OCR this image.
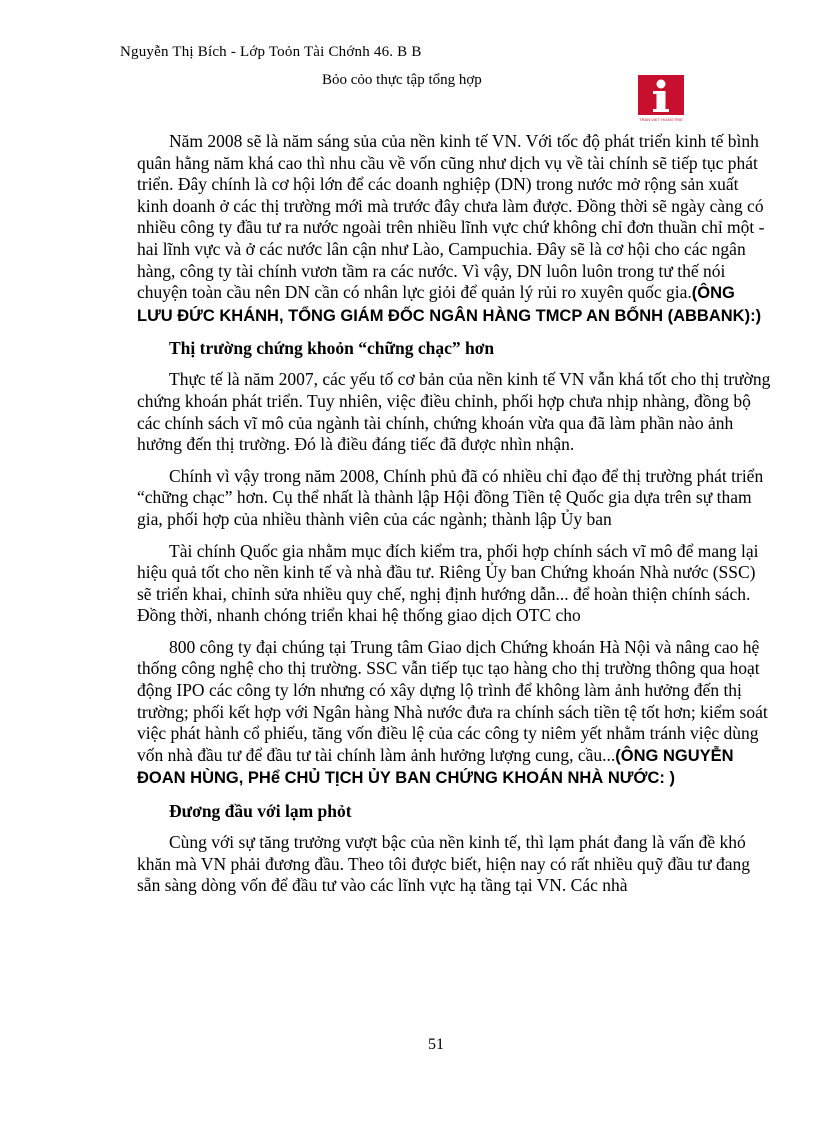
Nguyễn Thị Bích - Lớp Toỏn Tài Chớnh 46. B B
Bỏo cỏo thực tập tổng hợp
TRAN VIET HOAN TRIE

Năm 2008 sẽ là năm sáng sủa của nền kinh tế VN. Với tốc độ phát triển kinh tế bình quân hằng năm khá cao thì nhu cầu về vốn cũng như dịch vụ về tài chính sẽ tiếp tục phát triển. Đây chính là cơ hội lớn để các doanh nghiệp (DN) trong nước mở rộng sản xuất kinh doanh ở các thị trường mới mà trước đây chưa làm được. Đồng thời sẽ ngày càng có nhiều công ty đầu tư ra nước ngoài trên nhiều lĩnh vực chứ không chỉ đơn thuần chỉ một - hai lĩnh vực và ở các nước lân cận như Lào, Campuchia. Đây sẽ là cơ hội cho các ngân hàng, công ty tài chính vươn tầm ra các nước. Vì vậy, DN luôn luôn trong tư thế nói chuyện toàn cầu nên DN cần có nhân lực giỏi để quản lý rủi ro xuyên quốc gia.(ÔNG LƯU ĐỨC KHÁNH, TỔNG GIÁM ĐỐC NGÂN HÀNG TMCP AN BỐNH (ABBANK):)

Thị trường chứng khoỏn “chững chạc” hơn

Thực tế là năm 2007, các yếu tố cơ bản của nền kinh tế VN vẫn khá tốt cho thị trường chứng khoán phát triển. Tuy nhiên, việc điều chỉnh, phối hợp chưa nhịp nhàng, đồng bộ các chính sách vĩ mô của ngành tài chính, chứng khoán vừa qua đã làm phần nào ảnh hưởng đến thị trường. Đó là điều đáng tiếc đã được nhìn nhận.

Chính vì vậy trong năm 2008, Chính phủ đã có nhiều chỉ đạo để thị trường phát triển “chững chạc” hơn. Cụ thể nhất là thành lập Hội đồng Tiền tệ Quốc gia dựa trên sự tham gia, phối hợp của nhiều thành viên của các ngành; thành lập Ủy ban

Tài chính Quốc gia nhằm mục đích kiểm tra, phối hợp chính sách vĩ mô để mang lại hiệu quả tốt cho nền kinh tế và nhà đầu tư. Riêng Ủy ban Chứng khoán Nhà nước (SSC) sẽ triển khai, chỉnh sửa nhiều quy chế, nghị định hướng dẫn... để hoàn thiện chính sách. Đồng thời, nhanh chóng triển khai hệ thống giao dịch OTC cho

800 công ty đại chúng tại Trung tâm Giao dịch Chứng khoán Hà Nội và nâng cao hệ thống công nghệ cho thị trường. SSC vẫn tiếp tục tạo hàng cho thị trường thông qua hoạt động IPO các công ty lớn nhưng có xây dựng lộ trình để không làm ảnh hưởng đến thị trường; phối kết hợp với Ngân hàng Nhà nước đưa ra chính sách tiền tệ tốt hơn; kiểm soát việc phát hành cổ phiếu, tăng vốn điều lệ của các công ty niêm yết nhằm tránh việc dùng vốn nhà đầu tư để đầu tư tài chính làm ảnh hưởng lượng cung, cầu...(ÔNG NGUYỄN ĐOAN HÙNG, PHể CHỦ TỊCH ỦY BAN CHỨNG KHOÁN NHÀ NƯỚC: )

Đương đầu với lạm phỏt

Cùng với sự tăng trưởng vượt bậc của nền kinh tế, thì lạm phát đang là vấn đề khó khăn mà VN phải đương đầu. Theo tôi được biết, hiện nay có rất nhiều quỹ đầu tư đang sẵn sàng dòng vốn để đầu tư vào các lĩnh vực hạ tầng tại VN. Các nhà

51
